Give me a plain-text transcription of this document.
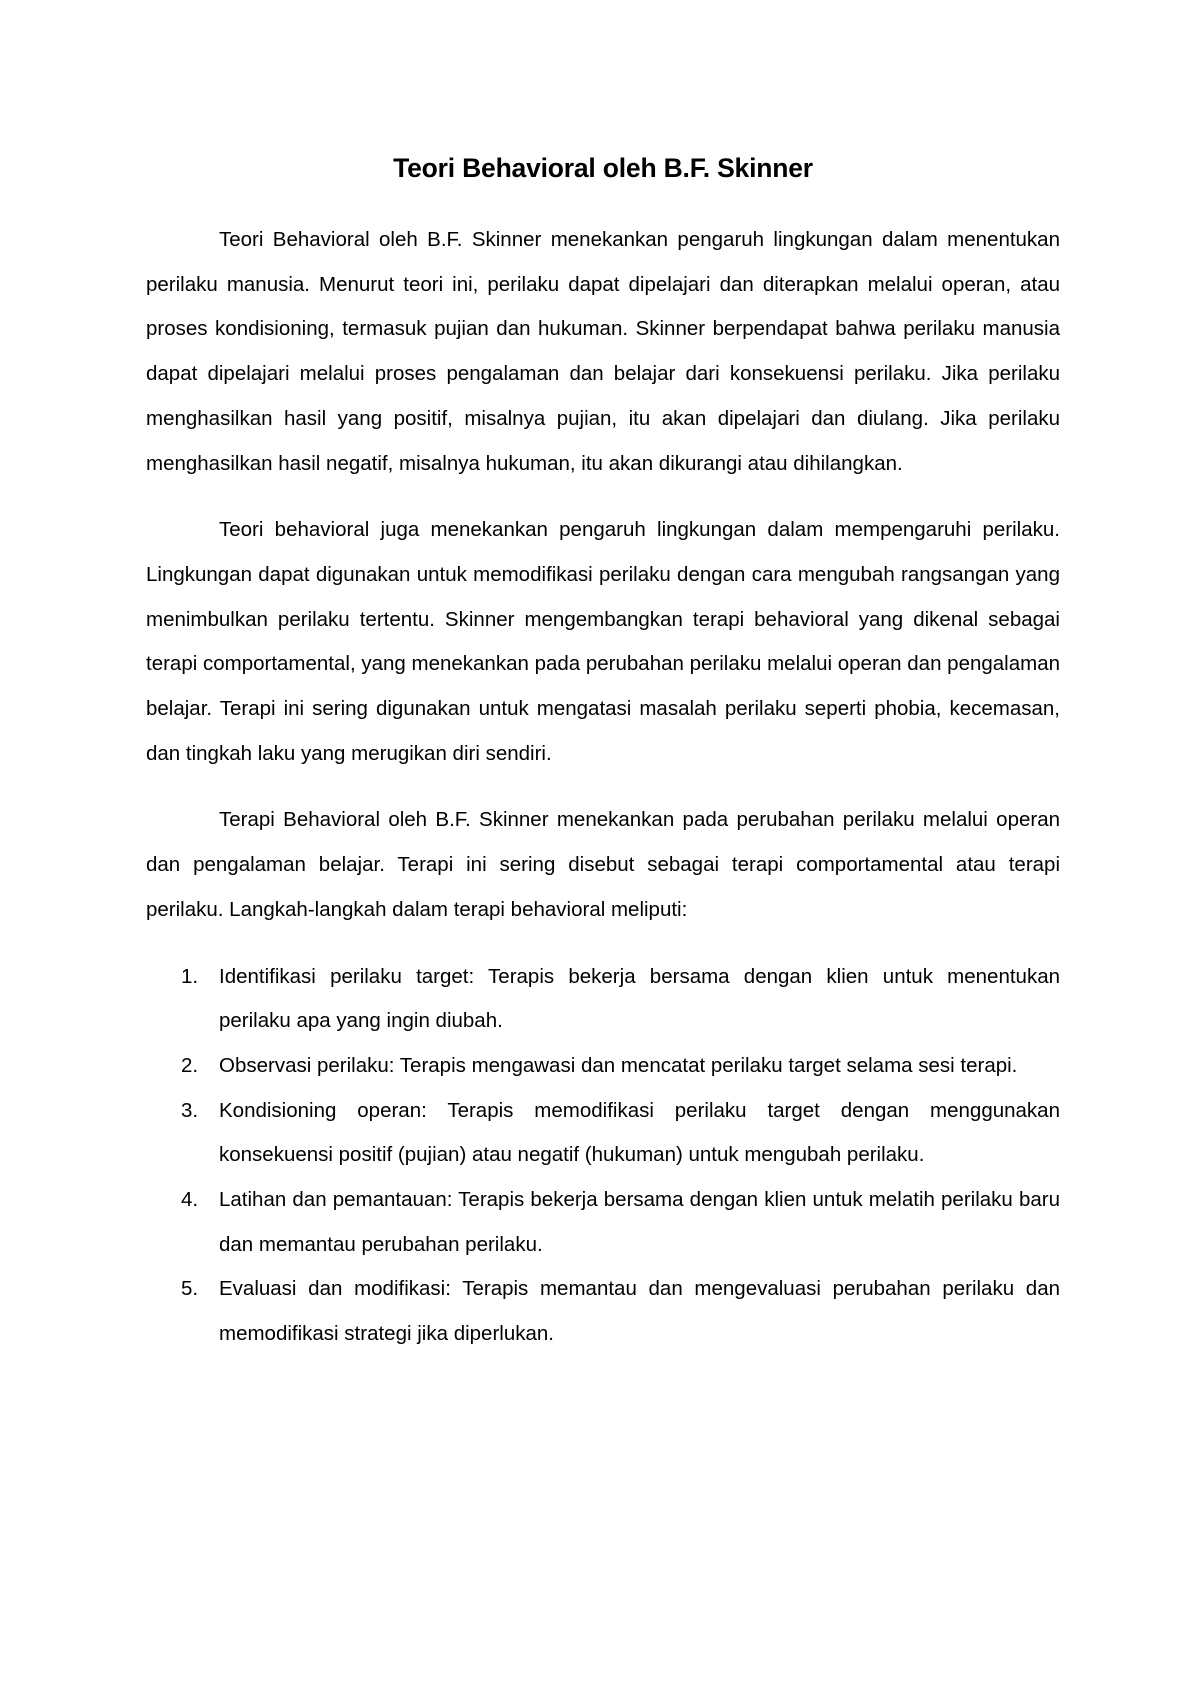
Teori Behavioral oleh B.F. Skinner

Teori Behavioral oleh B.F. Skinner menekankan pengaruh lingkungan dalam menentukan perilaku manusia. Menurut teori ini, perilaku dapat dipelajari dan diterapkan melalui operan, atau proses kondisioning, termasuk pujian dan hukuman. Skinner berpendapat bahwa perilaku manusia dapat dipelajari melalui proses pengalaman dan belajar dari konsekuensi perilaku. Jika perilaku menghasilkan hasil yang positif, misalnya pujian, itu akan dipelajari dan diulang. Jika perilaku menghasilkan hasil negatif, misalnya hukuman, itu akan dikurangi atau dihilangkan.

Teori behavioral juga menekankan pengaruh lingkungan dalam mempengaruhi perilaku. Lingkungan dapat digunakan untuk memodifikasi perilaku dengan cara mengubah rangsangan yang menimbulkan perilaku tertentu. Skinner mengembangkan terapi behavioral yang dikenal sebagai terapi comportamental, yang menekankan pada perubahan perilaku melalui operan dan pengalaman belajar. Terapi ini sering digunakan untuk mengatasi masalah perilaku seperti phobia, kecemasan, dan tingkah laku yang merugikan diri sendiri.

Terapi Behavioral oleh B.F. Skinner menekankan pada perubahan perilaku melalui operan dan pengalaman belajar. Terapi ini sering disebut sebagai terapi comportamental atau terapi perilaku. Langkah-langkah dalam terapi behavioral meliputi:

1. Identifikasi perilaku target: Terapis bekerja bersama dengan klien untuk menentukan perilaku apa yang ingin diubah.
2. Observasi perilaku: Terapis mengawasi dan mencatat perilaku target selama sesi terapi.
3. Kondisioning operan: Terapis memodifikasi perilaku target dengan menggunakan konsekuensi positif (pujian) atau negatif (hukuman) untuk mengubah perilaku.
4. Latihan dan pemantauan: Terapis bekerja bersama dengan klien untuk melatih perilaku baru dan memantau perubahan perilaku.
5. Evaluasi dan modifikasi: Terapis memantau dan mengevaluasi perubahan perilaku dan memodifikasi strategi jika diperlukan.
